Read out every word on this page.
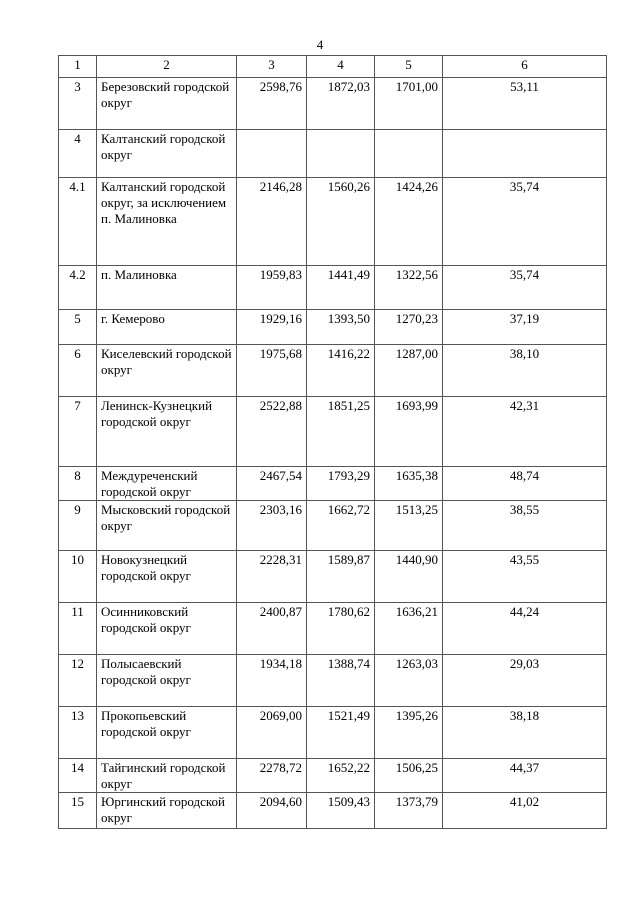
4
1	2	3	4	5	6
3	Березовский городской округ	2598,76	1872,03	1701,00	53,11
4	Калтанский городской округ				
4.1	Калтанский городской округ, за исключением п. Малиновка	2146,28	1560,26	1424,26	35,74
4.2	п. Малиновка	1959,83	1441,49	1322,56	35,74
5	г. Кемерово	1929,16	1393,50	1270,23	37,19
6	Киселевский городской округ	1975,68	1416,22	1287,00	38,10
7	Ленинск-Кузнецкий городской округ	2522,88	1851,25	1693,99	42,31
8	Междуреченский городской округ	2467,54	1793,29	1635,38	48,74
9	Мысковский городской округ	2303,16	1662,72	1513,25	38,55
10	Новокузнецкий городской округ	2228,31	1589,87	1440,90	43,55
11	Осинниковский городской округ	2400,87	1780,62	1636,21	44,24
12	Полысаевский городской округ	1934,18	1388,74	1263,03	29,03
13	Прокопьевский городской округ	2069,00	1521,49	1395,26	38,18
14	Тайгинский городской округ	2278,72	1652,22	1506,25	44,37
15	Юргинский городской округ	2094,60	1509,43	1373,79	41,02
